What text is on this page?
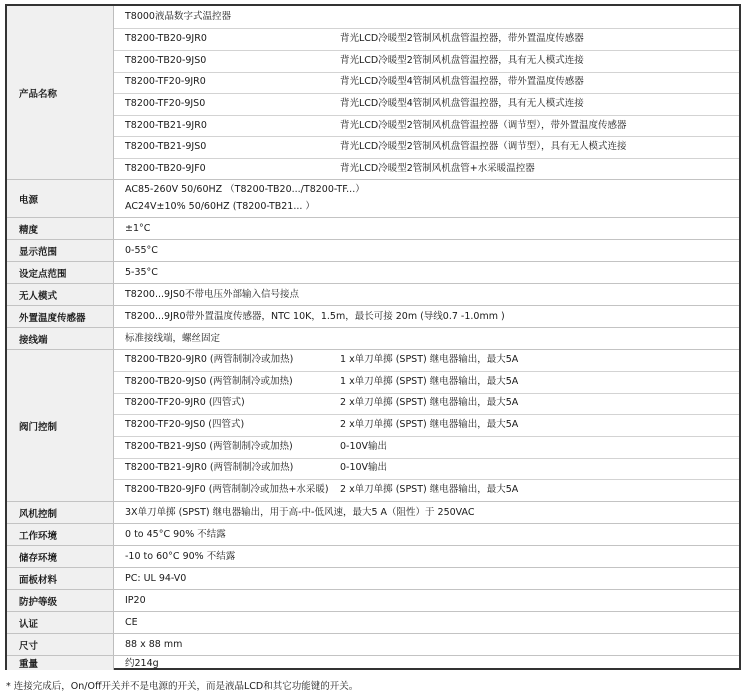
产品名称
T8000液晶数字式温控器
T8200-TB20-9JR0	背光LCD冷暖型2管制风机盘管温控器，带外置温度传感器
T8200-TB20-9JS0	背光LCD冷暖型2管制风机盘管温控器，具有无人模式连接
T8200-TF20-9JR0	背光LCD冷暖型4管制风机盘管温控器，带外置温度传感器
T8200-TF20-9JS0	背光LCD冷暖型4管制风机盘管温控器，具有无人模式连接
T8200-TB21-9JR0	背光LCD冷暖型2管制风机盘管温控器（调节型），带外置温度传感器
T8200-TB21-9JS0	背光LCD冷暖型2管制风机盘管温控器（调节型），具有无人模式连接
T8200-TB20-9JF0	背光LCD冷暖型2管制风机盘管+水采暖温控器
电源
AC85-260V 50/60HZ （T8200-TB20.../T8200-TF...）
AC24V±10% 50/60HZ (T8200-TB21... ）
精度	±1°C
显示范围	0-55°C
设定点范围	5-35°C
无人模式	T8200...9JS0不带电压外部输入信号接点
外置温度传感器	T8200...9JR0带外置温度传感器，NTC 10K，1.5m，最长可接 20m (导线0.7 -1.0mm )
接线端	标准接线端，螺丝固定
阀门控制
T8200-TB20-9JR0 (两管制制冷或加热)	1 x单刀单掷 (SPST) 继电器输出，最大5A
T8200-TB20-9JS0 (两管制制冷或加热)	1 x单刀单掷 (SPST) 继电器输出，最大5A
T8200-TF20-9JR0 (四管式)	2 x单刀单掷 (SPST) 继电器输出，最大5A
T8200-TF20-9JS0 (四管式)	2 x单刀单掷 (SPST) 继电器输出，最大5A
T8200-TB21-9JS0 (两管制制冷或加热)	0-10V输出
T8200-TB21-9JR0 (两管制制冷或加热)	0-10V输出
T8200-TB20-9JF0 (两管制制冷或加热+水采暖) 2 x单刀单掷 (SPST) 继电器输出，最大5A
风机控制	3X单刀单掷 (SPST) 继电器输出，用于高-中-低风速，最大5 A（阻性）于 250VAC
工作环境	0 to 45°C 90% 不结露
储存环境	-10 to 60°C 90% 不结露
面板材料	PC: UL 94-V0
防护等级	IP20
认证	CE
尺寸	88 x 88 mm
重量	约214g
* 连接完成后，On/Off开关并不是电源的开关，而是液晶LCD和其它功能键的开关。
